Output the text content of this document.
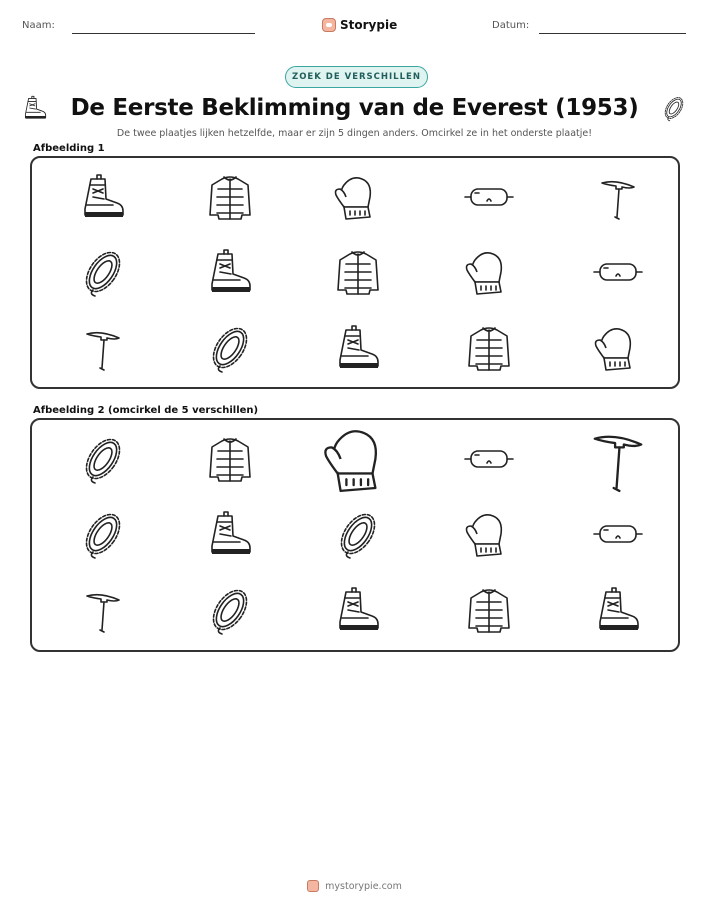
Naam:	Storypie	Datum:
ZOEK DE VERSCHILLEN
De Eerste Beklimming van de Everest (1953)
De twee plaatjes lijken hetzelfde, maar er zijn 5 dingen anders. Omcirkel ze in het onderste plaatje!
Afbeelding 1
Afbeelding 2 (omcirkel de 5 verschillen)
mystorypie.com
